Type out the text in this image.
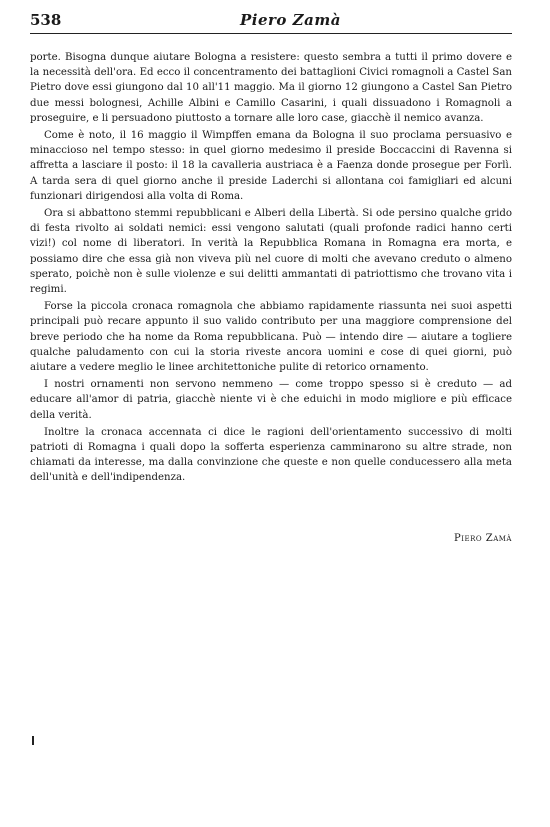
538	Piero Zamà

porte. Bisogna dunque aiutare Bologna a resistere: questo sembra a tutti il primo dovere e la necessità dell'ora. Ed ecco il concentramento dei battaglioni Civici romagnoli a Castel San Pietro dove essi giungono dal 10 all'11 maggio. Ma il giorno 12 giungono a Castel San Pietro due messi bolognesi, Achille Albini e Camillo Casarini, i quali dissuadono i Romagnoli a proseguire, e li persuadono piuttosto a tornare alle loro case, giacchè il nemico avanza.

Come è noto, il 16 maggio il Wimpffen emana da Bologna il suo proclama persuasivo e minaccioso nel tempo stesso: in quel giorno medesimo il preside Boccaccini di Ravenna si affretta a lasciare il posto: il 18 la cavalleria austriaca è a Faenza donde prosegue per Forlì. A tarda sera di quel giorno anche il preside Laderchi si allontana coi famigliari ed alcuni funzionari dirigendosi alla volta di Roma.

Ora si abbattono stemmi repubblicani e Alberi della Libertà. Si ode persino qualche grido di festa rivolto ai soldati nemici: essi vengono salutati (quali profonde radici hanno certi vizi!) col nome di liberatori. In verità la Repubblica Romana in Romagna era morta, e possiamo dire che essa già non viveva più nel cuore di molti che avevano creduto o almeno sperato, poichè non è sulle violenze e sui delitti ammantati di patriottismo che trovano vita i regimi.

Forse la piccola cronaca romagnola che abbiamo rapidamente riassunta nei suoi aspetti principali può recare appunto il suo valido contributo per una maggiore comprensione del breve periodo che ha nome da Roma repubblicana. Può — intendo dire — aiutare a togliere qualche paludamento con cui la storia riveste ancora uomini e cose di quei giorni, può aiutare a vedere meglio le linee architettoniche pulite di retorico ornamento.

I nostri ornamenti non servono nemmeno — come troppo spesso si è creduto — ad educare all'amor di patria, giacchè niente vi è che eduichi in modo migliore e più efficace della verità.

Inoltre la cronaca accennata ci dice le ragioni dell'orientamento successivo di molti patrioti di Romagna i quali dopo la sofferta esperienza camminarono su altre strade, non chiamati da interesse, ma dalla convinzione che queste e non quelle conducessero alla meta dell'unità e dell'indipendenza.

Piero Zamà
